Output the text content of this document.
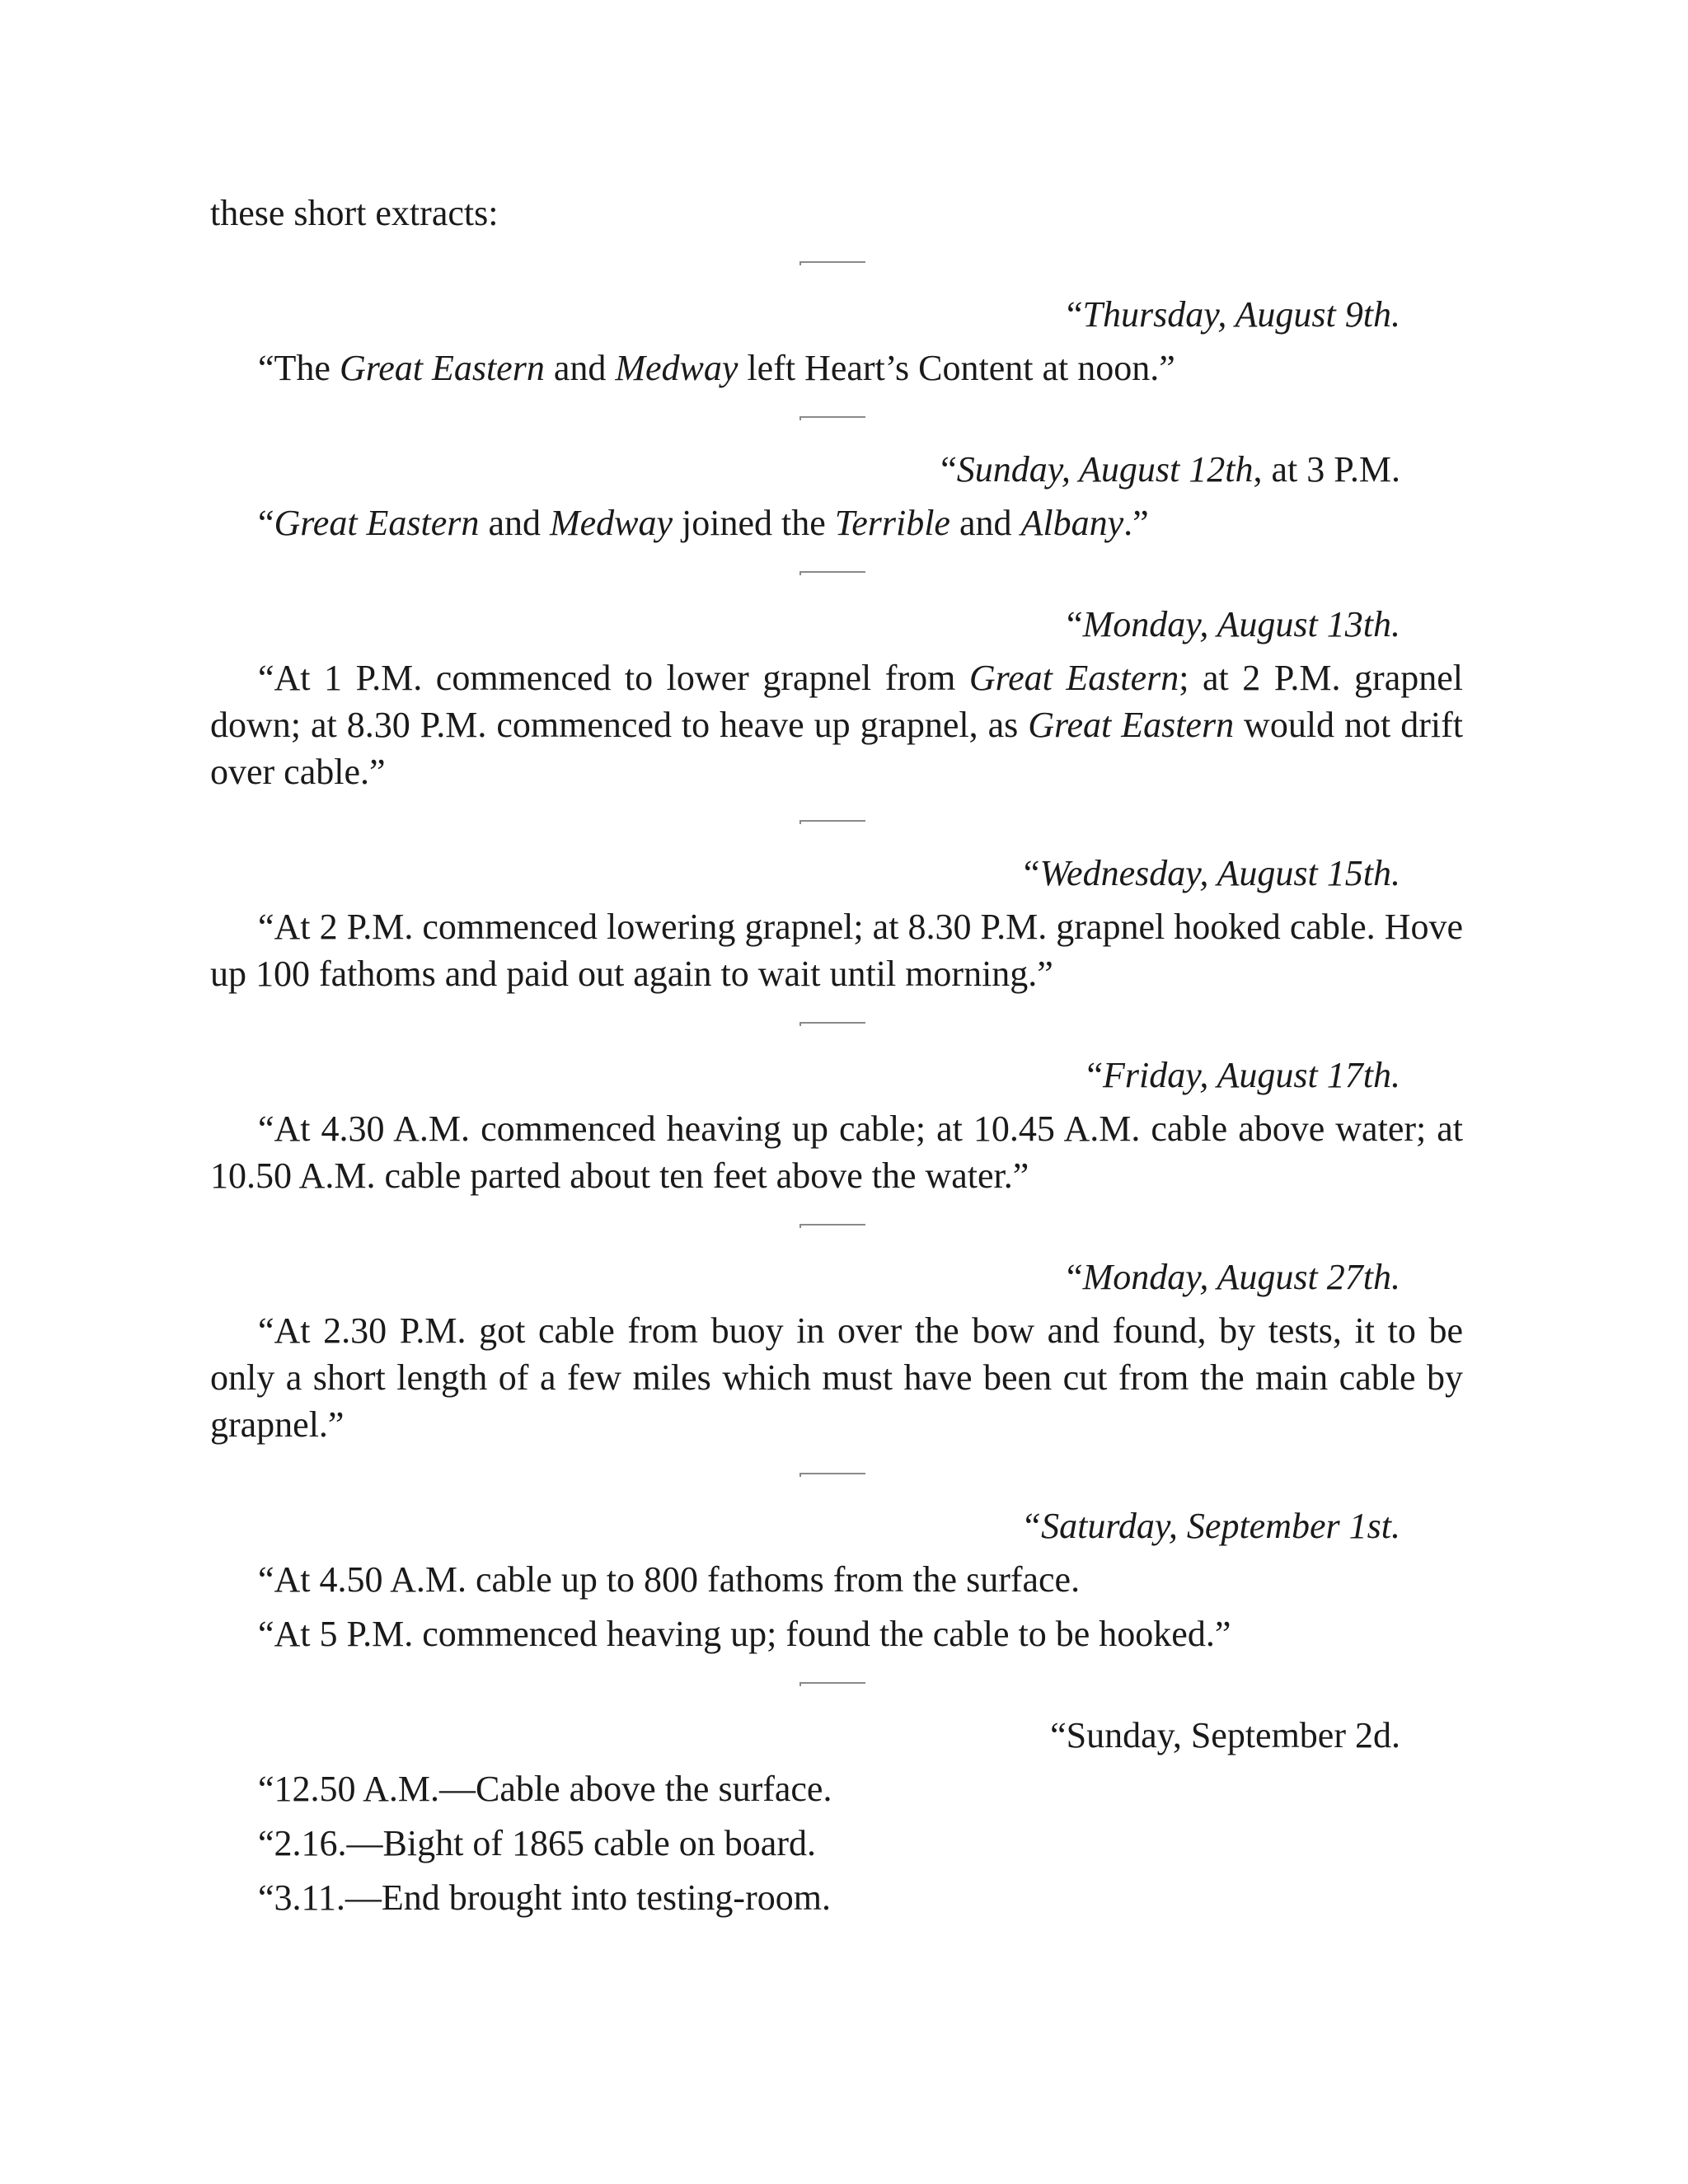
these short extracts:

“Thursday, August 9th.

“The Great Eastern and Medway left Heart’s Content at noon.”

“Sunday, August 12th, at 3 P.M.

“Great Eastern and Medway joined the Terrible and Albany.”

“Monday, August 13th.

“At 1 P.M. commenced to lower grapnel from Great Eastern; at 2 P.M. grapnel down; at 8.30 P.M. commenced to heave up grapnel, as Great Eastern would not drift over cable.”

“Wednesday, August 15th.

“At 2 P.M. commenced lowering grapnel; at 8.30 P.M. grapnel hooked cable. Hove up 100 fathoms and paid out again to wait until morning.”

“Friday, August 17th.

“At 4.30 A.M. commenced heaving up cable; at 10.45 A.M. cable above water; at 10.50 A.M. cable parted about ten feet above the water.”

“Monday, August 27th.

“At 2.30 P.M. got cable from buoy in over the bow and found, by tests, it to be only a short length of a few miles which must have been cut from the main cable by grapnel.”

“Saturday, September 1st.

“At 4.50 A.M. cable up to 800 fathoms from the surface.

“At 5 P.M. commenced heaving up; found the cable to be hooked.”

“Sunday, September 2d.

“12.50 A.M.—Cable above the surface.

“2.16.—Bight of 1865 cable on board.

“3.11.—End brought into testing-room.
